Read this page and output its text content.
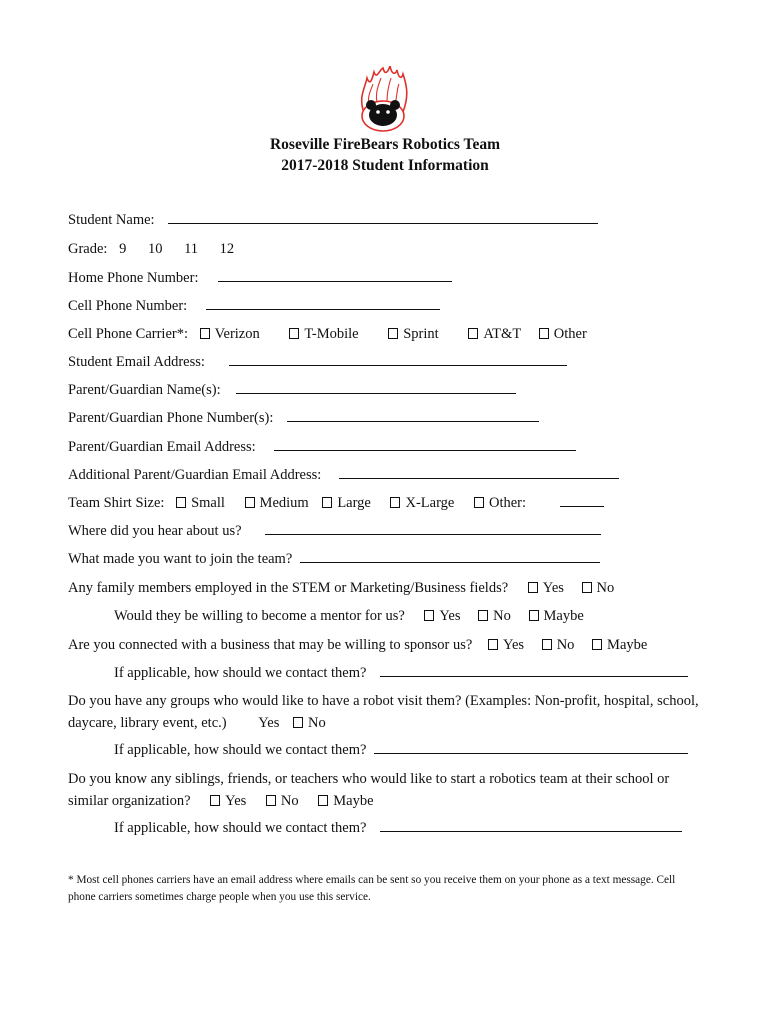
Roseville FireBears Robotics Team
2017-2018 Student Information
Student Name:
Grade: 9 10 11 12
Home Phone Number:
Cell Phone Number:
Cell Phone Carrier*: Verizon	T-Mobile	Sprint	AT&T Other
Student Email Address:
Parent/Guardian Name(s):
Parent/Guardian Phone Number(s):
Parent/Guardian Email Address:
Additional Parent/Guardian Email Address:
Team Shirt Size: Small Medium Large X-Large Other:
Where did you hear about us?
What made you want to join the team?
Any family members employed in the STEM or Marketing/Business fields? Yes No
Would they be willing to become a mentor for us? Yes No Maybe
Are you connected with a business that may be willing to sponsor us? Yes No Maybe
If applicable, how should we contact them?
Do you have any groups who would like to have a robot visit them? (Examples: Non-profit, hospital, school, daycare, library event, etc.) Yes No
If applicable, how should we contact them?
Do you know any siblings, friends, or teachers who would like to start a robotics team at their school or similar organization? Yes No Maybe
If applicable, how should we contact them?
* Most cell phones carriers have an email address where emails can be sent so you receive them on your phone as a text message. Cell phone carriers sometimes charge people when you use this service.
